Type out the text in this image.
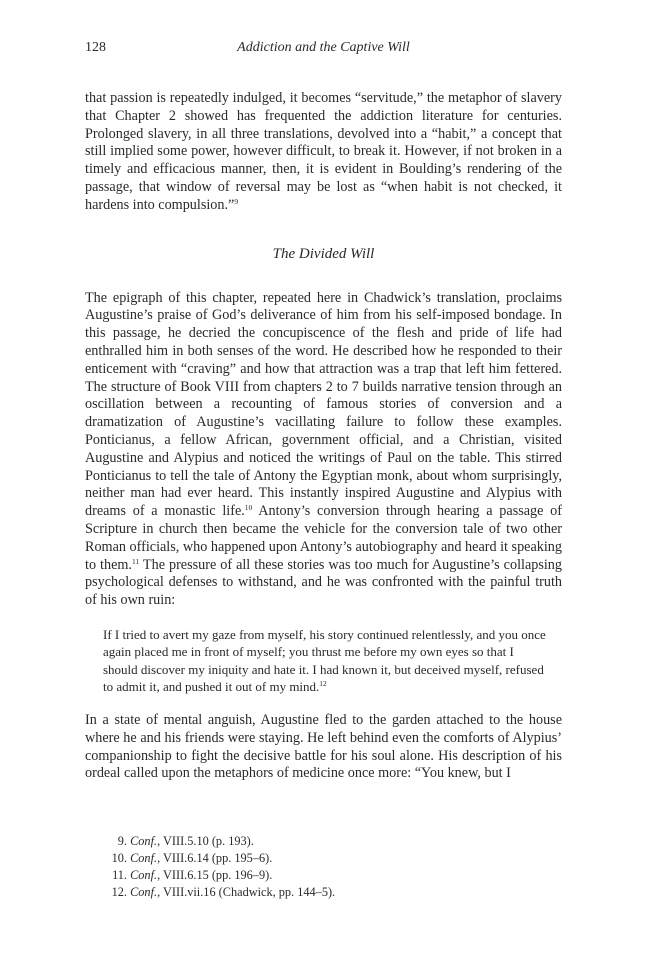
128	Addiction and the Captive Will

that passion is repeatedly indulged, it becomes “servitude,” the metaphor of slavery that Chapter 2 showed has frequented the addiction literature for centuries. Prolonged slavery, in all three translations, devolved into a “habit,” a concept that still implied some power, however difficult, to break it. However, if not broken in a timely and efficacious manner, then, it is evident in Boulding’s rendering of the passage, that window of reversal may be lost as “when habit is not checked, it hardens into compulsion.”$^9$

The Divided Will

The epigraph of this chapter, repeated here in Chadwick’s translation, proclaims Augustine’s praise of God’s deliverance of him from his self-imposed bondage. In this passage, he decried the concupiscence of the flesh and pride of life had enthralled him in both senses of the word. He described how he responded to their enticement with “craving” and how that attraction was a trap that left him fettered. The structure of Book VIII from chapters 2 to 7 builds narrative tension through an oscillation between a recounting of famous stories of conversion and a dramatization of Augustine’s vacillating failure to follow these examples. Ponticianus, a fellow African, government official, and a Christian, visited Augustine and Alypius and noticed the writings of Paul on the table. This stirred Ponticianus to tell the tale of Antony the Egyptian monk, about whom surprisingly, neither man had ever heard. This instantly inspired Augustine and Alypius with dreams of a monastic life.$^{10}$ Antony’s conversion through hearing a passage of Scripture in church then became the vehicle for the conversion tale of two other Roman officials, who happened upon Antony’s autobiography and heard it speaking to them.$^{11}$ The pressure of all these stories was too much for Augustine’s collapsing psychological defenses to withstand, and he was confronted with the painful truth of his own ruin:

If I tried to avert my gaze from myself, his story continued relentlessly, and you once again placed me in front of myself; you thrust me before my own eyes so that I should discover my iniquity and hate it. I had known it, but deceived myself, refused to admit it, and pushed it out of my mind.$^{12}$

In a state of mental anguish, Augustine fled to the garden attached to the house where he and his friends were staying. He left behind even the comforts of Alypius’ companionship to fight the decisive battle for his soul alone. His description of his ordeal called upon the metaphors of medicine once more: “You knew, but I

9. Conf., VIII.5.10 (p. 193).
10. Conf., VIII.6.14 (pp. 195–6).
11. Conf., VIII.6.15 (pp. 196–9).
12. Conf., VIII.vii.16 (Chadwick, pp. 144–5).
